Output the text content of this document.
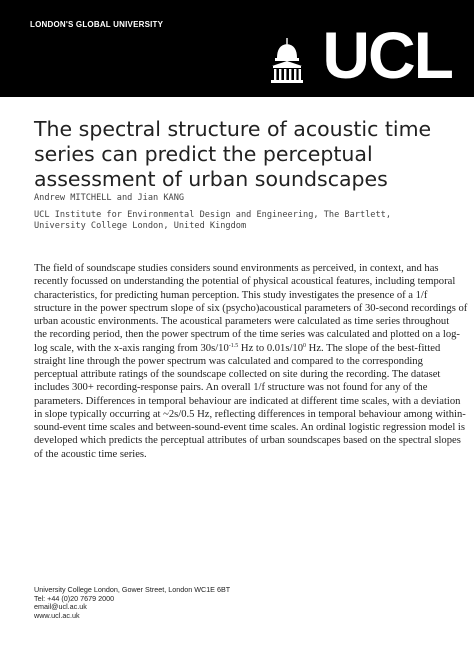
LONDON'S GLOBAL UNIVERSITY UCL
The spectral structure of acoustic time series can predict the perceptual assessment of urban soundscapes
Andrew MITCHELL and Jian KANG
UCL Institute for Environmental Design and Engineering, The Bartlett,
University College London, United Kingdom

The field of soundscape studies considers sound environments as perceived, in context, and has
recently focussed on understanding the potential of physical acoustical features, including temporal
characteristics, for predicting human perception. This study investigates the presence of a 1/f
structure in the power spectrum slope of six (psycho)acoustical parameters of 30-second recordings of
urban acoustic environments. The acoustical parameters were calculated as time series throughout
the recording period, then the power spectrum of the time series was calculated and plotted on a log-
log scale, with the x-axis ranging from $30s/10^{-1.5}$ Hz to $0.01s/10^0$ Hz. The slope of the best-fitted
straight line through the power spectrum was calculated and compared to the corresponding
perceptual attribute ratings of the soundscape collected on site during the recording. The dataset
includes 300+ recording-response pairs. An overall 1/f structure was not found for any of the
parameters. Differences in temporal behaviour are indicated at different time scales, with a deviation
in slope typically occurring at ~2s/0.5 Hz, reflecting differences in temporal behaviour among within-
sound-event time scales and between-sound-event time scales. An ordinal logistic regression model is
developed which predicts the perceptual attributes of urban soundscapes based on the spectral slopes
of the acoustic time series.

University College London, Gower Street, London WC1E 6BT
Tel: +44 (0)20 7679 2000
email@ucl.ac.uk
www.ucl.ac.uk
